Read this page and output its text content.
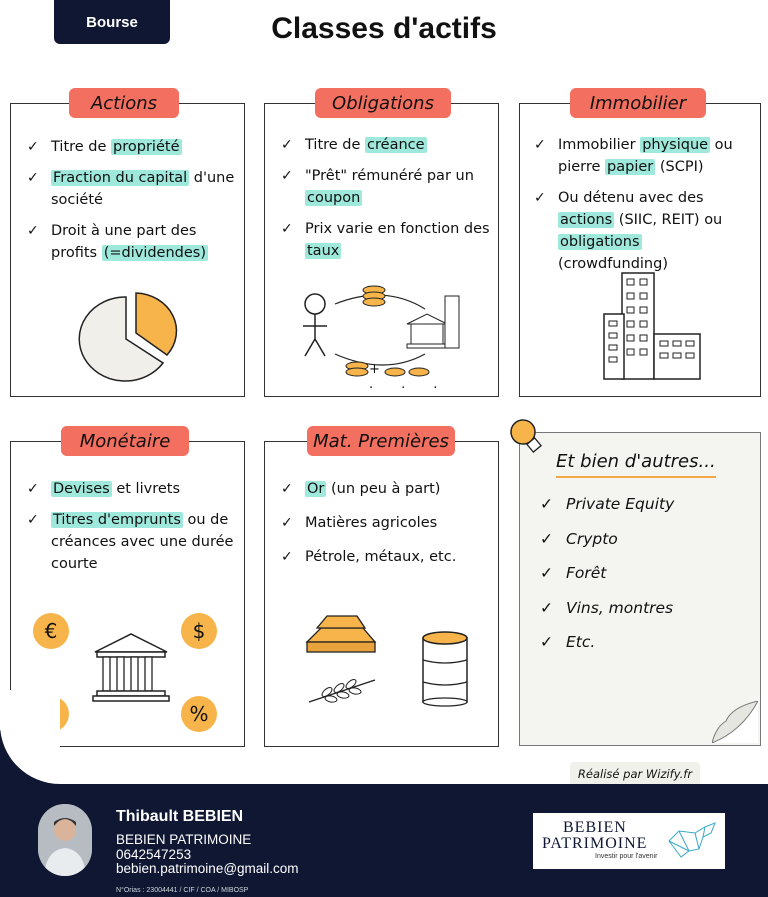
Bourse	Classes d'actifs
Actions
✓ Titre de propriété
✓ Fraction du capital d'une société
✓ Droit à une part des profits (=dividendes)
Obligations
✓ Titre de créance
✓ "Prêt" rémunéré par un coupon
✓ Prix varie en fonction des taux
+ ...
Immobilier
✓ Immobilier physique ou pierre papier (SCPI)
✓ Ou détenu avec des actions (SIIC, REIT) ou obligations (crowdfunding)
Monétaire
✓ Devises et livrets
✓ Titres d'emprunts ou de créances avec une durée courte
€	$
%
Mat. Premières
✓ Or (un peu à part)
✓ Matières agricoles
✓ Pétrole, métaux, etc.
Et bien d'autres...
✓ Private Equity
✓ Crypto
✓ Forêt
✓ Vins, montres
✓ Etc.
Réalisé par Wizify.fr
Thibault BEBIEN
BEBIEN PATRIMOINE
0642547253
bebien.patrimoine@gmail.com
N°Orias : 23004441 / CIF / COA / MIBOSP
BEBIEN
PATRIMOINE
Investir pour l'avenir
